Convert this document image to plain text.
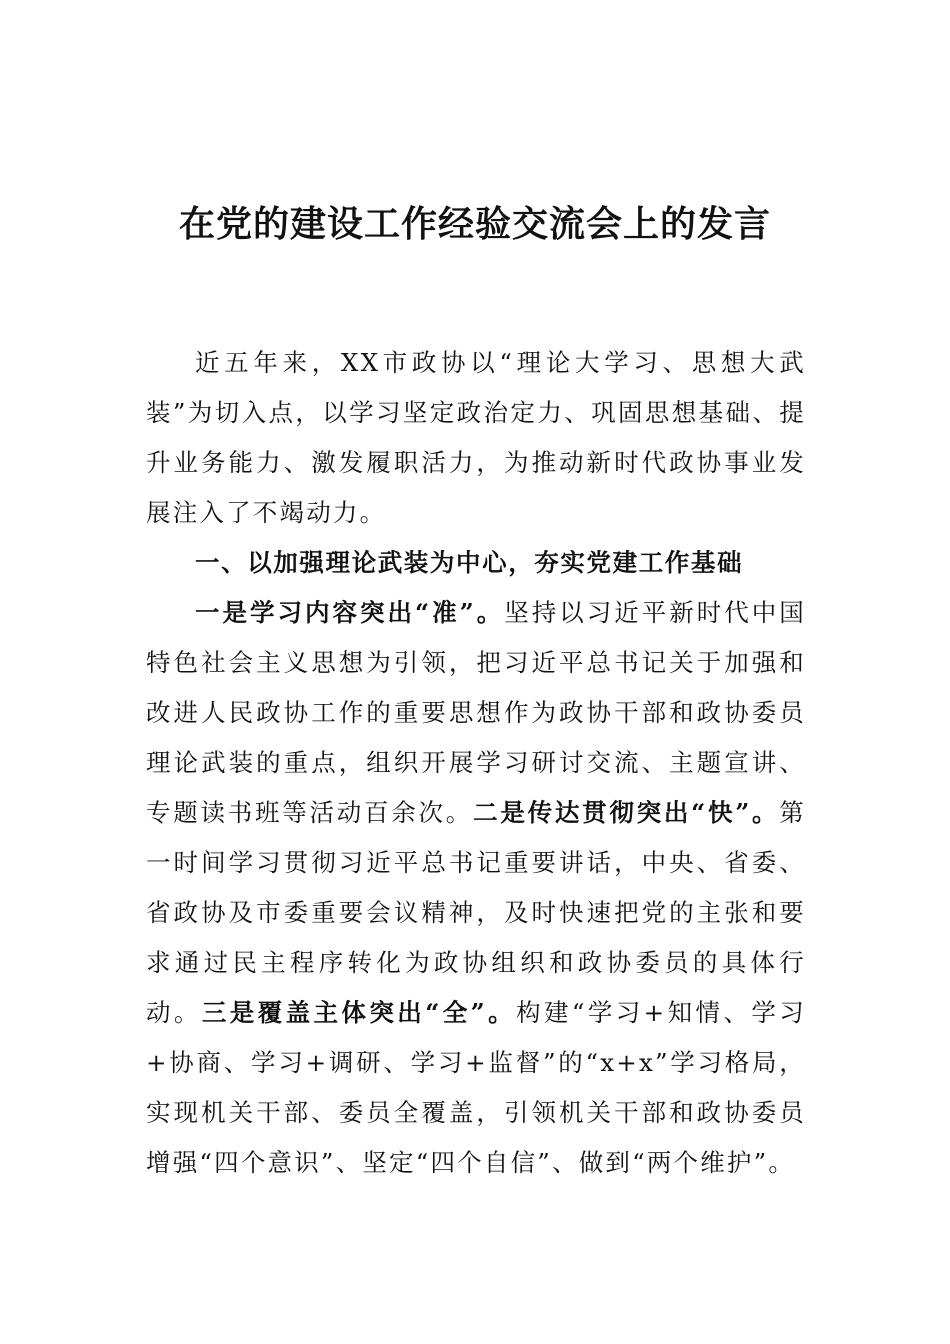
在党的建设工作经验交流会上的发言

近五年来，XX市政协以“理论大学习、思想大武装”为切入点，以学习坚定政治定力、巩固思想基础、提升业务能力、激发履职活力，为推动新时代政协事业发展注入了不竭动力。

一、以加强理论武装为中心，夯实党建工作基础

一是学习内容突出“准”。坚持以习近平新时代中国特色社会主义思想为引领，把习近平总书记关于加强和改进人民政协工作的重要思想作为政协干部和政协委员理论武装的重点，组织开展学习研讨交流、主题宣讲、专题读书班等活动百余次。二是传达贯彻突出“快”。第一时间学习贯彻习近平总书记重要讲话，中央、省委、省政协及市委重要会议精神，及时快速把党的主张和要求通过民主程序转化为政协组织和政协委员的具体行动。三是覆盖主体突出“全”。构建“学习+知情、学习+协商、学习+调研、学习+监督”的“x+x”学习格局，实现机关干部、委员全覆盖，引领机关干部和政协委员增强“四个意识”、坚定“四个自信”、做到“两个维护”。
